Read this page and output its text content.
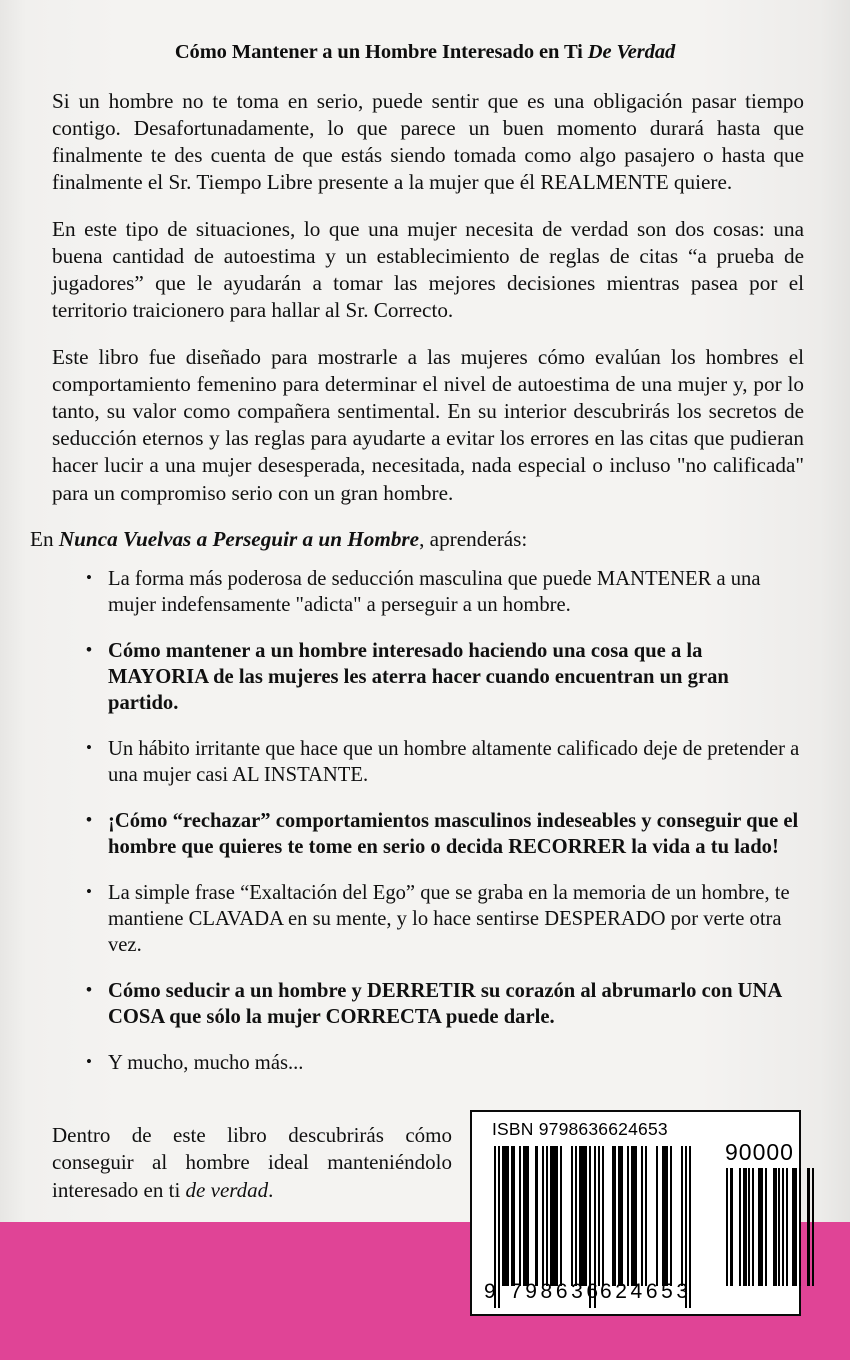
Cómo Mantener a un Hombre Interesado en Ti De Verdad

Si un hombre no te toma en serio, puede sentir que es una obligación pasar tiempo contigo. Desafortunadamente, lo que parece un buen momento durará hasta que finalmente te des cuenta de que estás siendo tomada como algo pasajero o hasta que finalmente el Sr. Tiempo Libre presente a la mujer que él REALMENTE quiere.

En este tipo de situaciones, lo que una mujer necesita de verdad son dos cosas: una buena cantidad de autoestima y un establecimiento de reglas de citas “a prueba de jugadores” que le ayudarán a tomar las mejores decisiones mientras pasea por el territorio traicionero para hallar al Sr. Correcto.

Este libro fue diseñado para mostrarle a las mujeres cómo evalúan los hombres el comportamiento femenino para determinar el nivel de autoestima de una mujer y, por lo tanto, su valor como compañera sentimental. En su interior descubrirás los secretos de seducción eternos y las reglas para ayudarte a evitar los errores en las citas que pudieran hacer lucir a una mujer desesperada, necesitada, nada especial o incluso "no calificada" para un compromiso serio con un gran hombre.

En Nunca Vuelvas a Perseguir a un Hombre, aprenderás:

• La forma más poderosa de seducción masculina que puede MANTENER a una mujer indefensamente "adicta" a perseguir a un hombre.
• Cómo mantener a un hombre interesado haciendo una cosa que a la MAYORIA de las mujeres les aterra hacer cuando encuentran un gran partido.
• Un hábito irritante que hace que un hombre altamente calificado deje de pretender a una mujer casi AL INSTANTE.
• ¡Cómo “rechazar” comportamientos masculinos indeseables y conseguir que el hombre que quieres te tome en serio o decida RECORRER la vida a tu lado!
• La simple frase “Exaltación del Ego” que se graba en la memoria de un hombre, te mantiene CLAVADA en su mente, y lo hace sentirse DESPERADO por verte otra vez.
• Cómo seducir a un hombre y DERRETIR su corazón al abrumarlo con UNA COSA que sólo la mujer CORRECTA puede darle.
• Y mucho, mucho más...

Dentro de este libro descubrirás cómo conseguir al hombre ideal manteniéndolo interesado en ti de verdad.

ISBN 9798636624653
90000
9 798636
624653
